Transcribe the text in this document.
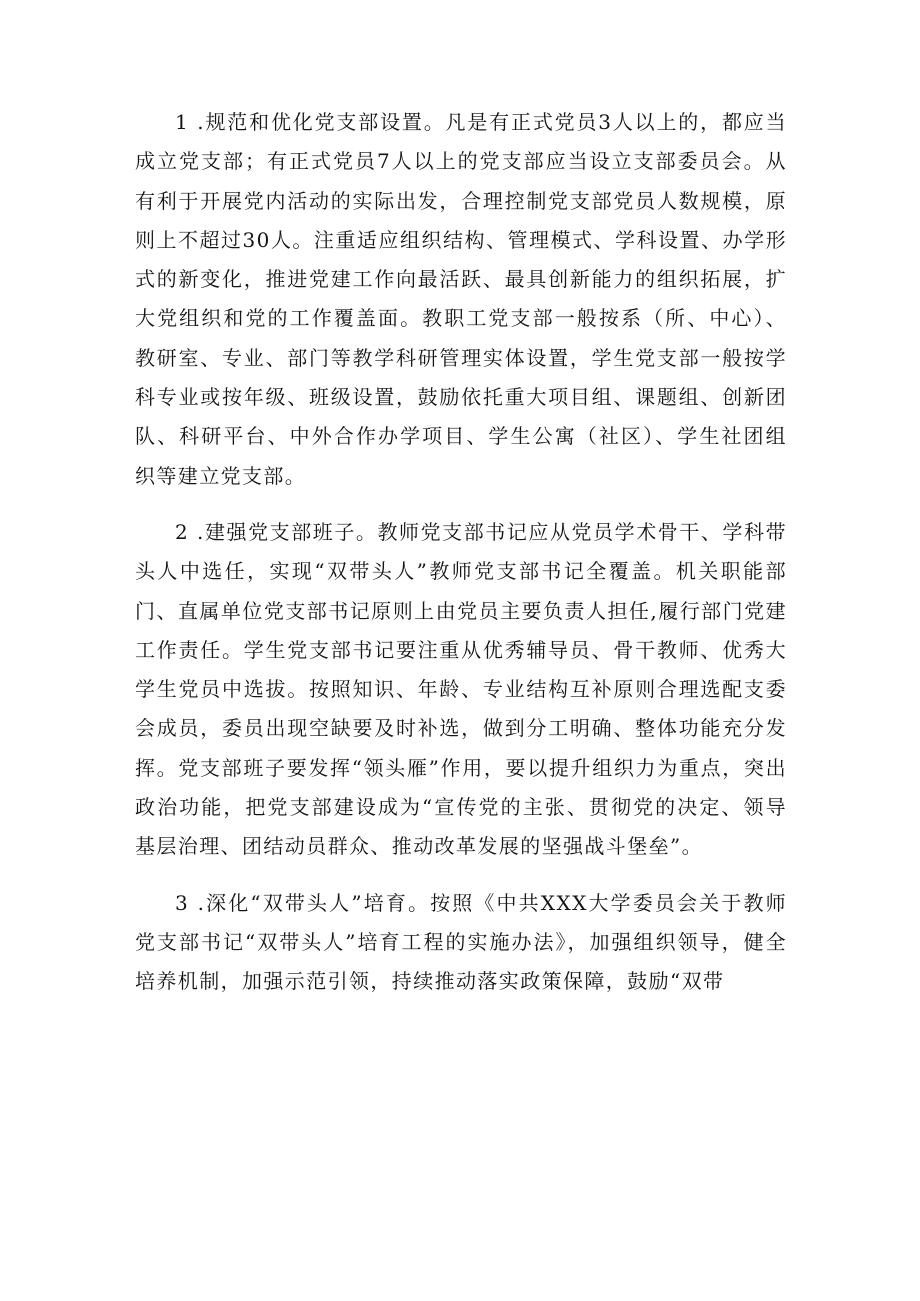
1 .规范和优化党支部设置。凡是有正式党员3人以上的，都应当成立党支部；有正式党员7人以上的党支部应当设立支部委员会。从有利于开展党内活动的实际出发，合理控制党支部党员人数规模，原则上不超过30人。注重适应组织结构、管理模式、学科设置、办学形式的新变化，推进党建工作向最活跃、最具创新能力的组织拓展，扩大党组织和党的工作覆盖面。教职工党支部一般按系（所、中心）、教研室、专业、部门等教学科研管理实体设置，学生党支部一般按学科专业或按年级、班级设置，鼓励依托重大项目组、课题组、创新团队、科研平台、中外合作办学项目、学生公寓（社区）、学生社团组织等建立党支部。

2 .建强党支部班子。教师党支部书记应从党员学术骨干、学科带头人中选任，实现“双带头人”教师党支部书记全覆盖。机关职能部门、直属单位党支部书记原则上由党员主要负责人担任,履行部门党建工作责任。学生党支部书记要注重从优秀辅导员、骨干教师、优秀大学生党员中选拔。按照知识、年龄、专业结构互补原则合理选配支委会成员，委员出现空缺要及时补选，做到分工明确、整体功能充分发挥。党支部班子要发挥“领头雁”作用，要以提升组织力为重点，突出政治功能，把党支部建设成为“宣传党的主张、贯彻党的决定、领导基层治理、团结动员群众、推动改革发展的坚强战斗堡垒”。

3 .深化“双带头人”培育。按照《中共XXX大学委员会关于教师党支部书记“双带头人”培育工程的实施办法》，加强组织领导，健全培养机制，加强示范引领，持续推动落实政策保障，鼓励“双带
